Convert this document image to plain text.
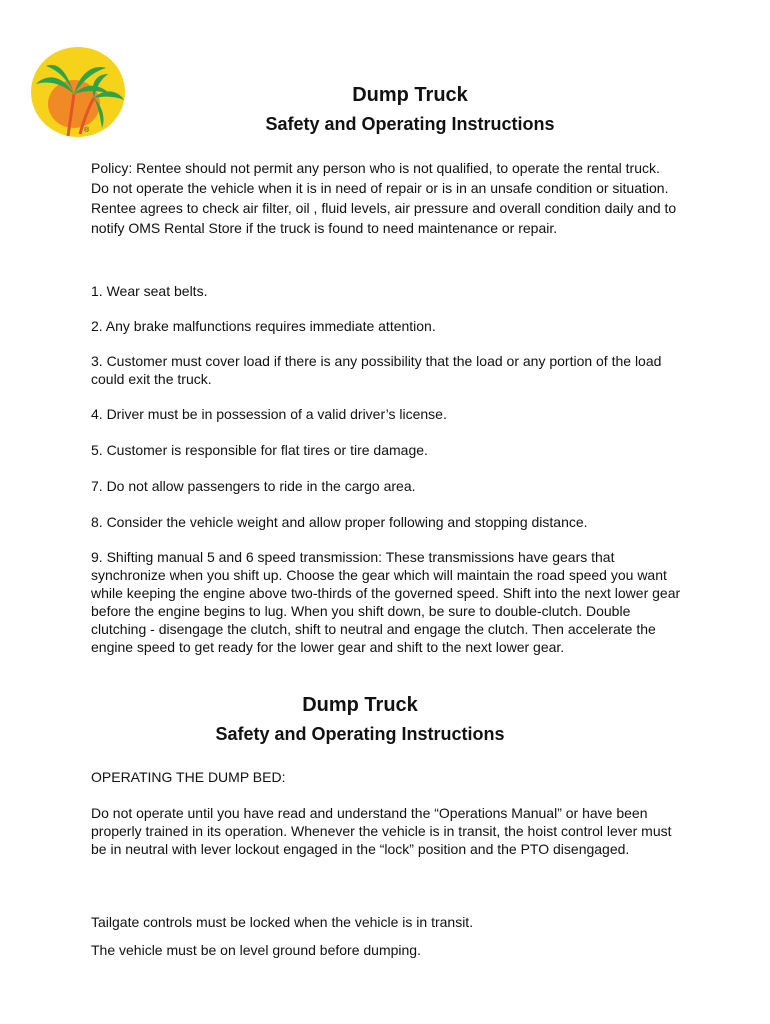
®
Dump Truck
Safety and Operating Instructions

Policy: Rentee should not permit any person who is not qualified, to operate the rental truck. Do not operate the vehicle when it is in need of repair or is in an unsafe condition or situation. Rentee agrees to check air filter, oil , fluid levels, air pressure and overall condition daily and to notify OMS Rental Store if the truck is found to need maintenance or repair.

1. Wear seat belts.

2. Any brake malfunctions requires immediate attention.

3. Customer must cover load if there is any possibility that the load or any portion of the load could exit the truck.

4. Driver must be in possession of a valid driver’s license.

5. Customer is responsible for flat tires or tire damage.

7. Do not allow passengers to ride in the cargo area.

8. Consider the vehicle weight and allow proper following and stopping distance.

9. Shifting manual 5 and 6 speed transmission: These transmissions have gears that synchronize when you shift up. Choose the gear which will maintain the road speed you want while keeping the engine above two-thirds of the governed speed. Shift into the next lower gear before the engine begins to lug. When you shift down, be sure to double-clutch. Double clutching - disengage the clutch, shift to neutral and engage the clutch. Then accelerate the engine speed to get ready for the lower gear and shift to the next lower gear.

Dump Truck
Safety and Operating Instructions

OPERATING THE DUMP BED:

Do not operate until you have read and understand the “Operations Manual” or have been properly trained in its operation. Whenever the vehicle is in transit, the hoist control lever must be in neutral with lever lockout engaged in the “lock” position and the PTO disengaged.

Tailgate controls must be locked when the vehicle is in transit.

The vehicle must be on level ground before dumping.
